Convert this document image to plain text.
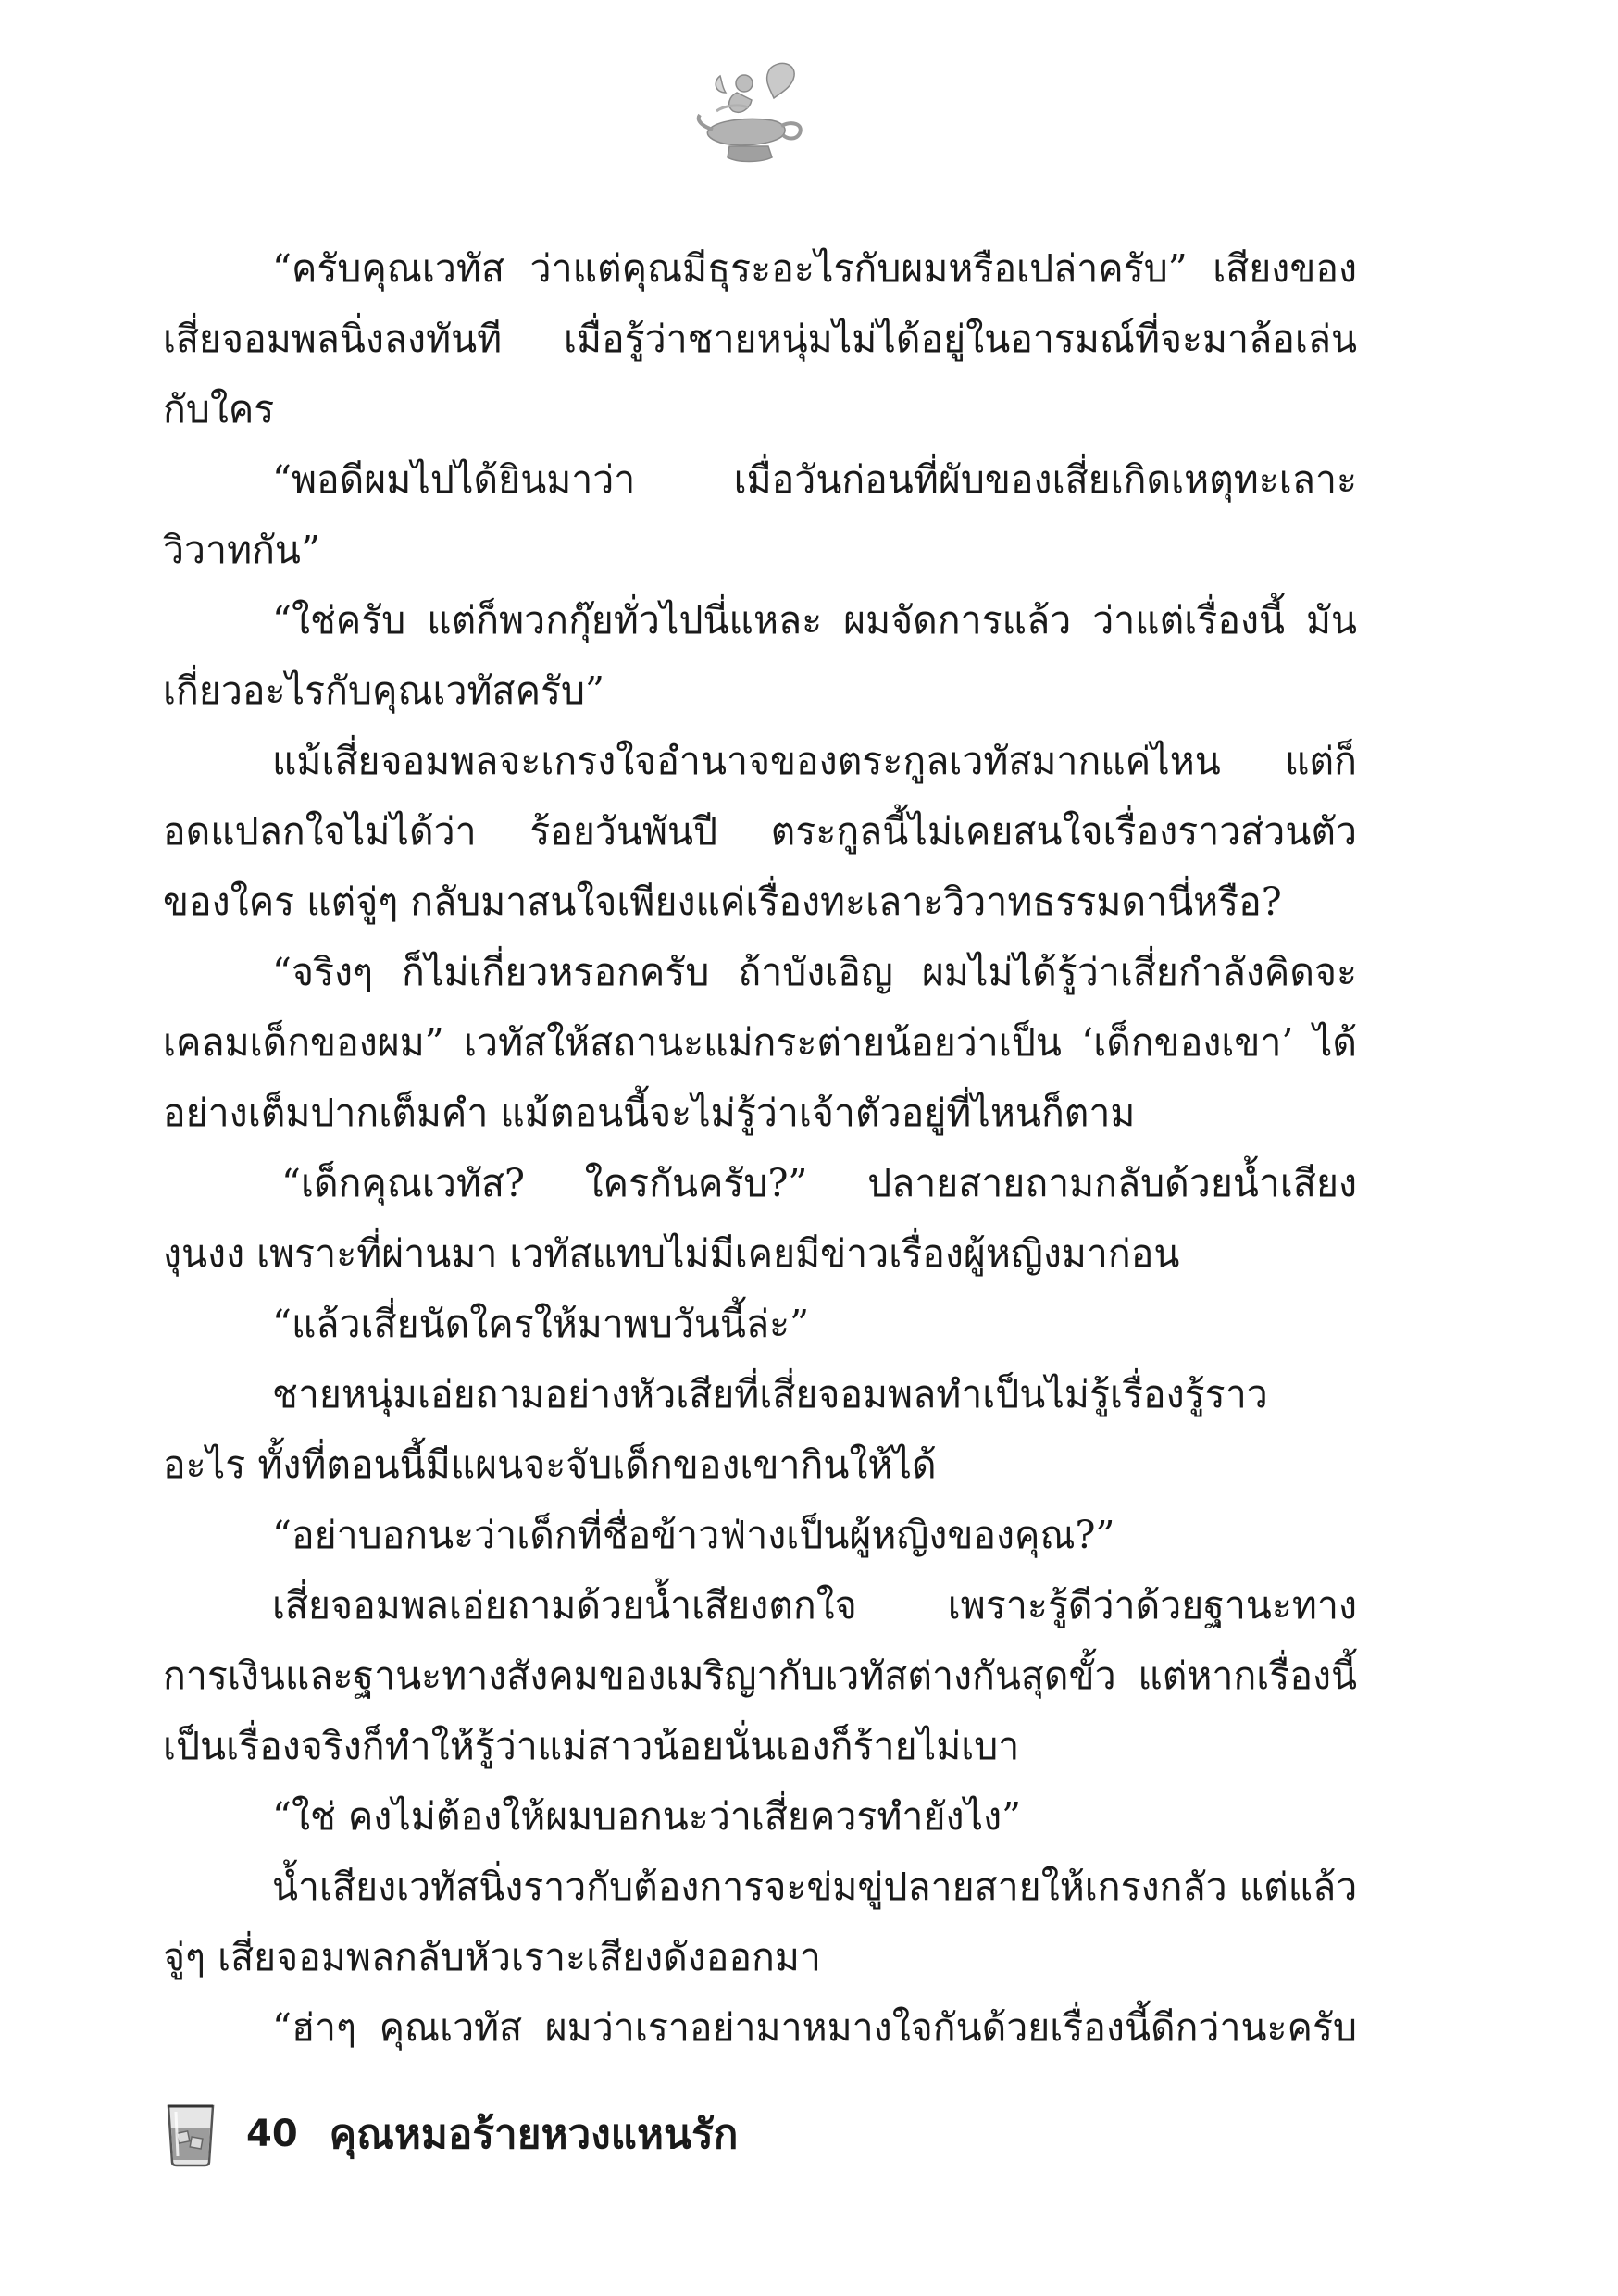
“ครับคุณเวทัส ว่าแต่คุณมีธุระอะไรกับผมหรือเปล่าครับ” เสียงของ
เสี่ยจอมพลนิ่งลงทันที เมื่อรู้ว่าชายหนุ่มไม่ได้อยู่ในอารมณ์ที่จะมาล้อเล่น
กับใคร
“พอดีผมไปได้ยินมาว่า เมื่อวันก่อนที่ผับของเสี่ยเกิดเหตุทะเลาะ
วิวาทกัน”
“ใช่ครับ แต่ก็พวกกุ๊ยทั่วไปนี่แหละ ผมจัดการแล้ว ว่าแต่เรื่องนี้ มัน
เกี่ยวอะไรกับคุณเวทัสครับ”
แม้เสี่ยจอมพลจะเกรงใจอำนาจของตระกูลเวทัสมากแค่ไหน แต่ก็
อดแปลกใจไม่ได้ว่า ร้อยวันพันปี ตระกูลนี้ไม่เคยสนใจเรื่องราวส่วนตัว
ของใคร แต่จู่ๆ กลับมาสนใจเพียงแค่เรื่องทะเลาะวิวาทธรรมดานี่หรือ?
“จริงๆ ก็ไม่เกี่ยวหรอกครับ ถ้าบังเอิญ ผมไม่ได้รู้ว่าเสี่ยกำลังคิดจะ
เคลมเด็กของผม” เวทัสให้สถานะแม่กระต่ายน้อยว่าเป็น ‘เด็กของเขา’ ได้
อย่างเต็มปากเต็มคำ แม้ตอนนี้จะไม่รู้ว่าเจ้าตัวอยู่ที่ไหนก็ตาม
“เด็กคุณเวทัส? ใครกันครับ?” ปลายสายถามกลับด้วยน้ำเสียง
งุนงง เพราะที่ผ่านมา เวทัสแทบไม่มีเคยมีข่าวเรื่องผู้หญิงมาก่อน
“แล้วเสี่ยนัดใครให้มาพบวันนี้ล่ะ”
ชายหนุ่มเอ่ยถามอย่างหัวเสียที่เสี่ยจอมพลทำเป็นไม่รู้เรื่องรู้ราว
อะไร ทั้งที่ตอนนี้มีแผนจะจับเด็กของเขากินให้ได้
“อย่าบอกนะว่าเด็กที่ชื่อข้าวฟ่างเป็นผู้หญิงของคุณ?”
เสี่ยจอมพลเอ่ยถามด้วยน้ำเสียงตกใจ เพราะรู้ดีว่าด้วยฐานะทาง
การเงินและฐานะทางสังคมของเมริญากับเวทัสต่างกันสุดขั้ว แต่หากเรื่องนี้
เป็นเรื่องจริงก็ทำให้รู้ว่าแม่สาวน้อยนั่นเองก็ร้ายไม่เบา
“ใช่ คงไม่ต้องให้ผมบอกนะว่าเสี่ยควรทำยังไง”
น้ำเสียงเวทัสนิ่งราวกับต้องการจะข่มขู่ปลายสายให้เกรงกลัว แต่แล้ว
จู่ๆ เสี่ยจอมพลกลับหัวเราะเสียงดังออกมา
“ฮ่าๆ คุณเวทัส ผมว่าเราอย่ามาหมางใจกันด้วยเรื่องนี้ดีกว่านะครับ
40 คุณหมอร้ายหวงแหนรัก
